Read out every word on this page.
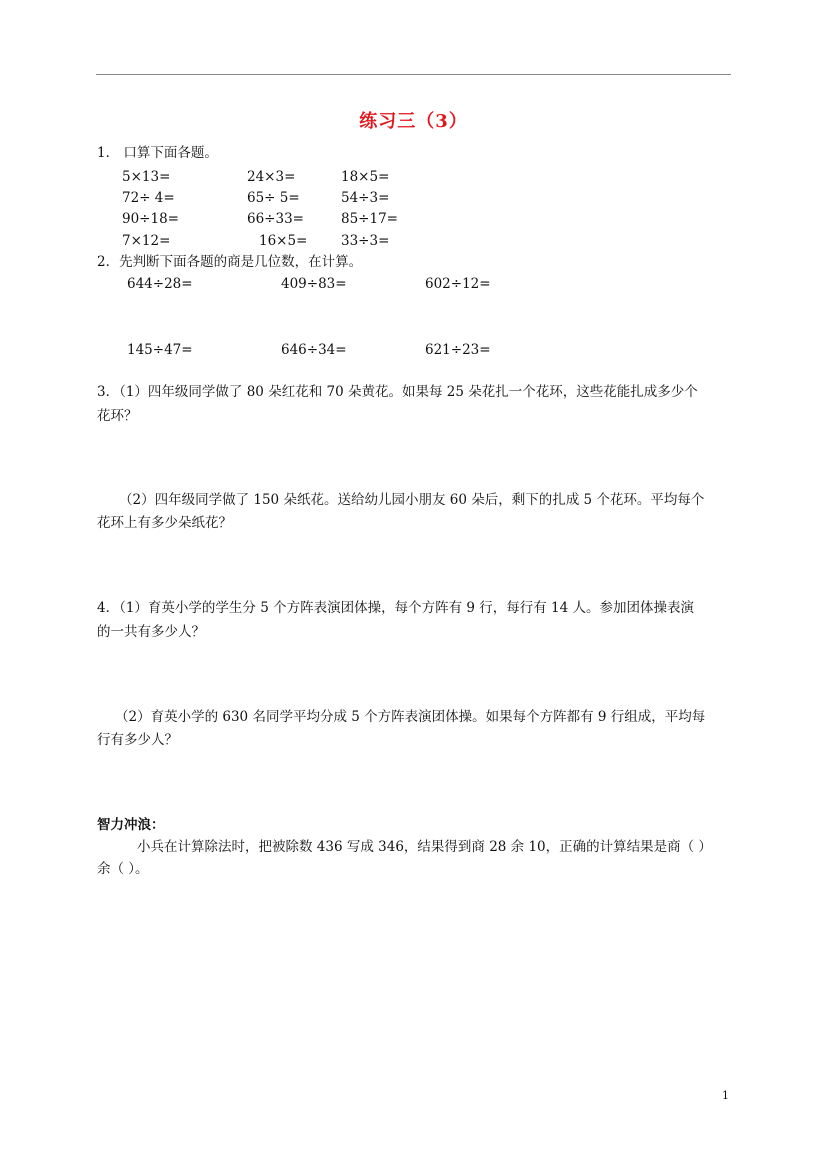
练习三（3）
1． 口算下面各题。
5×13=	24×3=	18×5=
72÷ 4=	65÷ 5=	54÷3=
90÷18=	66÷33=	85÷17=
7×12=	16×5= 33÷3=
2．先判断下面各题的商是几位数，在计算。
644÷28=	409÷83=	602÷12=
145÷47=	646÷34=	621÷23=
3．（1）四年级同学做了 80 朵红花和 70 朵黄花。如果每 25 朵花扎一个花环，这些花能扎成多少个
花环？
（2）四年级同学做了 150 朵纸花。送给幼儿园小朋友 60 朵后，剩下的扎成 5 个花环。平均每个
花环上有多少朵纸花？
4．（1）育英小学的学生分 5 个方阵表演团体操，每个方阵有 9 行，每行有 14 人。参加团体操表演
的一共有多少人？
（2）育英小学的 630 名同学平均分成 5 个方阵表演团体操。如果每个方阵都有 9 行组成，平均每
行有多少人？
智力冲浪：
小兵在计算除法时，把被除数 436 写成 346，结果得到商 28 余 10，正确的计算结果是商（ ）
余（ ）。
1
